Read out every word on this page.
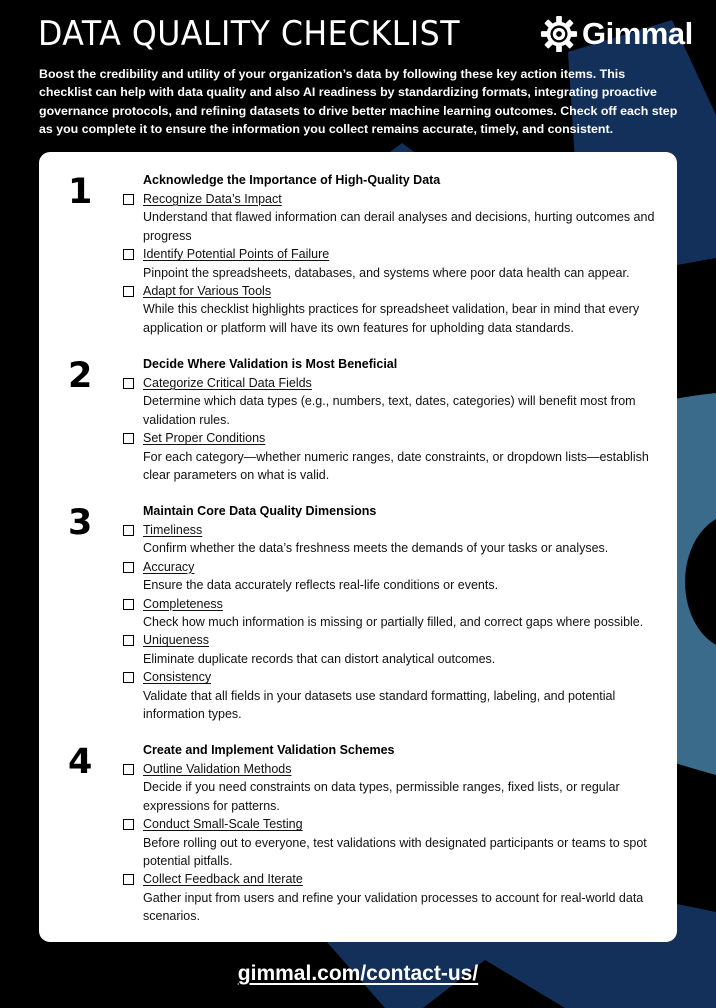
DATA QUALITY CHECKLIST	Gimmal

Boost the credibility and utility of your organization’s data by following these key action items. This checklist can help with data quality and also AI readiness by standardizing formats, integrating proactive governance protocols, and refining datasets to drive better machine learning outcomes. Check off each step as you complete it to ensure the information you collect remains accurate, timely, and consistent.

1	Acknowledge the Importance of High-Quality Data
Recognize Data’s Impact
Understand that flawed information can derail analyses and decisions, hurting outcomes and progress
Identify Potential Points of Failure
Pinpoint the spreadsheets, databases, and systems where poor data health can appear.
Adapt for Various Tools
While this checklist highlights practices for spreadsheet validation, bear in mind that every application or platform will have its own features for upholding data standards.
2	Decide Where Validation is Most Beneficial
Categorize Critical Data Fields
Determine which data types (e.g., numbers, text, dates, categories) will benefit most from validation rules.
Set Proper Conditions
For each category—whether numeric ranges, date constraints, or dropdown lists—establish clear parameters on what is valid.
3	Maintain Core Data Quality Dimensions
Timeliness
Confirm whether the data’s freshness meets the demands of your tasks or analyses.
Accuracy
Ensure the data accurately reflects real-life conditions or events.
Completeness
Check how much information is missing or partially filled, and correct gaps where possible.
Uniqueness
Eliminate duplicate records that can distort analytical outcomes.
Consistency
Validate that all fields in your datasets use standard formatting, labeling, and potential information types.
4	Create and Implement Validation Schemes
Outline Validation Methods
Decide if you need constraints on data types, permissible ranges, fixed lists, or regular expressions for patterns.
Conduct Small-Scale Testing
Before rolling out to everyone, test validations with designated participants or teams to spot potential pitfalls.
Collect Feedback and Iterate
Gather input from users and refine your validation processes to account for real-world data scenarios.
gimmal.com/contact-us/
